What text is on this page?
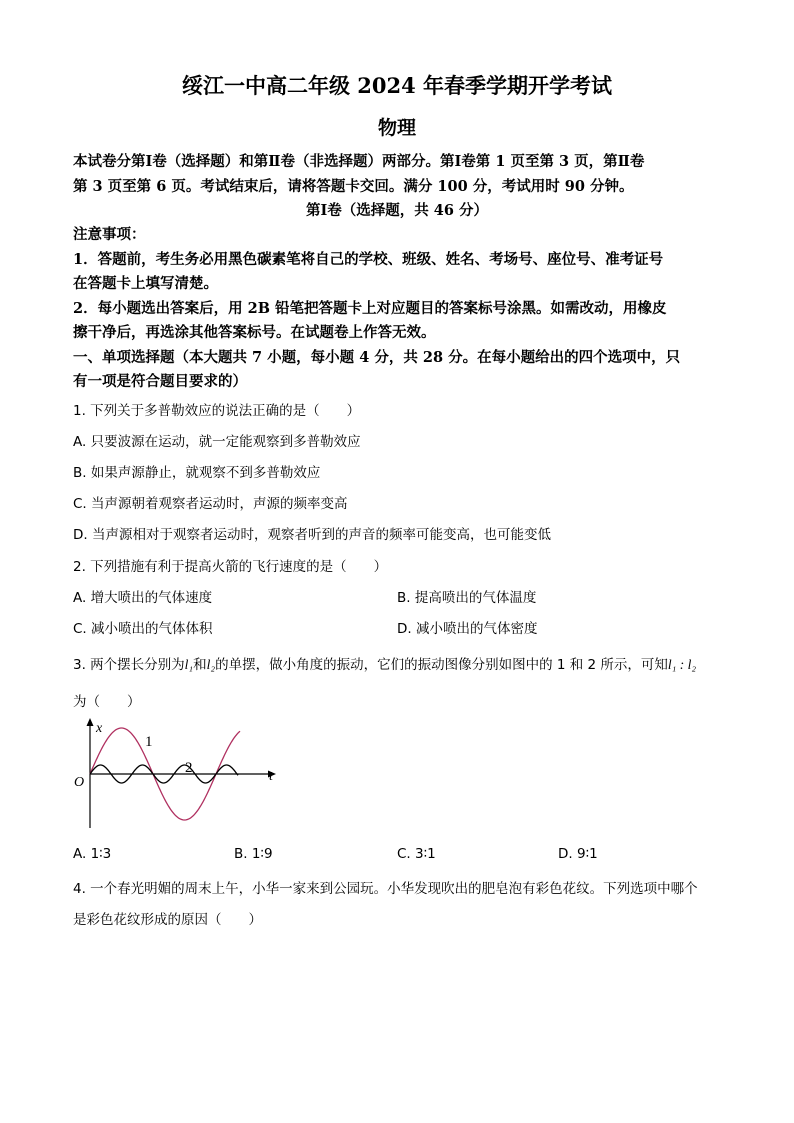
绥江一中高二年级 2024 年春季学期开学考试
物理
本试卷分第Ⅰ卷（选择题）和第Ⅱ卷（非选择题）两部分。第Ⅰ卷第 1 页至第 3 页，第Ⅱ卷
第 3 页至第 6 页。考试结束后，请将答题卡交回。满分 100 分，考试用时 90 分钟。
第Ⅰ卷（选择题，共 46 分）
注意事项：
1．答题前，考生务必用黑色碳素笔将自己的学校、班级、姓名、考场号、座位号、准考证号
在答题卡上填写清楚。
2．每小题选出答案后，用 2B 铅笔把答题卡上对应题目的答案标号涂黑。如需改动，用橡皮
擦干净后，再选涂其他答案标号。在试题卷上作答无效。
一、单项选择题（本大题共 7 小题，每小题 4 分，共 28 分。在每小题给出的四个选项中，只
有一项是符合题目要求的）
1. 下列关于多普勒效应的说法正确的是（　　）
A. 只要波源在运动，就一定能观察到多普勒效应
B. 如果声源静止，就观察不到多普勒效应
C. 当声源朝着观察者运动时，声源的频率变高
D. 当声源相对于观察者运动时，观察者听到的声音的频率可能变高，也可能变低
2. 下列措施有利于提高火箭的飞行速度的是（　　）
A. 增大喷出的气体速度	B. 提高喷出的气体温度
C. 减小喷出的气体体积	D. 减小喷出的气体密度
3. 两个摆长分别为l₁和l₂的单摆，做小角度的振动，它们的振动图像分别如图中的 1 和 2 所示，可知l₁ : l₂
为（　　）
x
t
O
1
2
A. 1∶3	B. 1∶9	C. 3∶1	D. 9∶1
4. 一个春光明媚的周末上午，小华一家来到公园玩。小华发现吹出的肥皂泡有彩色花纹。下列选项中哪个
是彩色花纹形成的原因（　　）
